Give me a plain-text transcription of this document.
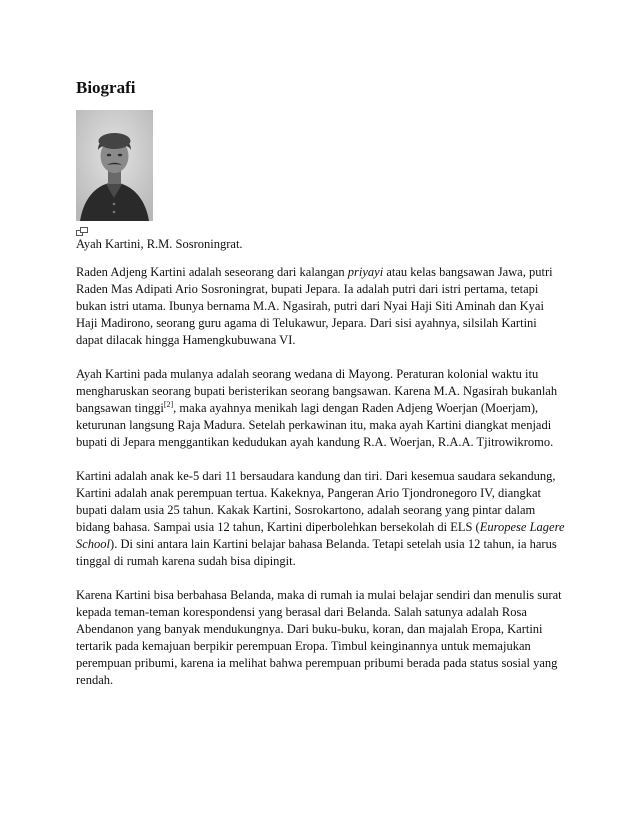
Biografi

Ayah Kartini, R.M. Sosroningrat.

Raden Adjeng Kartini adalah seseorang dari kalangan priyayi atau kelas bangsawan Jawa, putri Raden Mas Adipati Ario Sosroningrat, bupati Jepara. Ia adalah putri dari istri pertama, tetapi bukan istri utama. Ibunya bernama M.A. Ngasirah, putri dari Nyai Haji Siti Aminah dan Kyai Haji Madirono, seorang guru agama di Telukawur, Jepara. Dari sisi ayahnya, silsilah Kartini dapat dilacak hingga Hamengkubuwana VI.

Ayah Kartini pada mulanya adalah seorang wedana di Mayong. Peraturan kolonial waktu itu mengharuskan seorang bupati beristerikan seorang bangsawan. Karena M.A. Ngasirah bukanlah bangsawan tinggi[2], maka ayahnya menikah lagi dengan Raden Adjeng Woerjan (Moerjam), keturunan langsung Raja Madura. Setelah perkawinan itu, maka ayah Kartini diangkat menjadi bupati di Jepara menggantikan kedudukan ayah kandung R.A. Woerjan, R.A.A. Tjitrowikromo.

Kartini adalah anak ke-5 dari 11 bersaudara kandung dan tiri. Dari kesemua saudara sekandung, Kartini adalah anak perempuan tertua. Kakeknya, Pangeran Ario Tjondronegoro IV, diangkat bupati dalam usia 25 tahun. Kakak Kartini, Sosrokartono, adalah seorang yang pintar dalam bidang bahasa. Sampai usia 12 tahun, Kartini diperbolehkan bersekolah di ELS (Europese Lagere School). Di sini antara lain Kartini belajar bahasa Belanda. Tetapi setelah usia 12 tahun, ia harus tinggal di rumah karena sudah bisa dipingit.

Karena Kartini bisa berbahasa Belanda, maka di rumah ia mulai belajar sendiri dan menulis surat kepada teman-teman korespondensi yang berasal dari Belanda. Salah satunya adalah Rosa Abendanon yang banyak mendukungnya. Dari buku-buku, koran, dan majalah Eropa, Kartini tertarik pada kemajuan berpikir perempuan Eropa. Timbul keinginannya untuk memajukan perempuan pribumi, karena ia melihat bahwa perempuan pribumi berada pada status sosial yang rendah.
